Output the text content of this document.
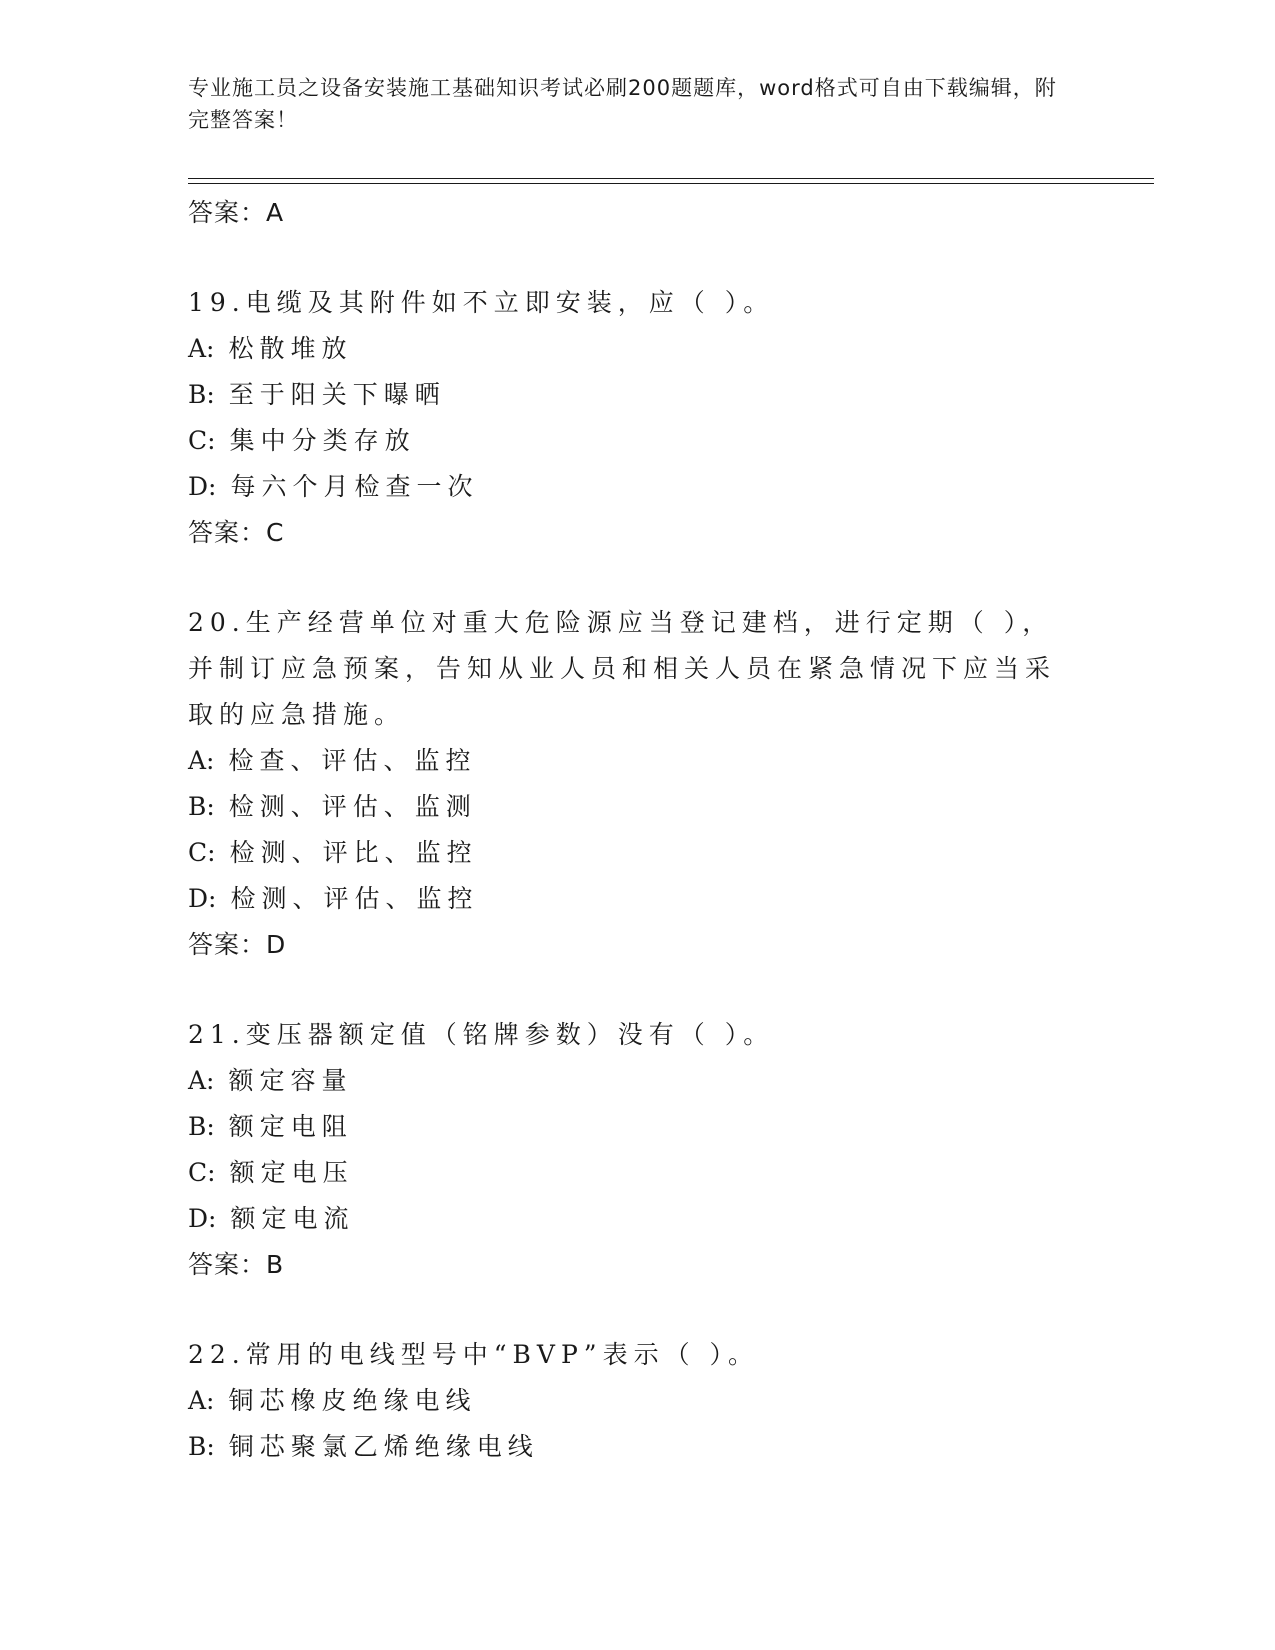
专业施工员之设备安装施工基础知识考试必刷200题题库，word格式可自由下载编辑，附完整答案！
答案：A
19.电缆及其附件如不立即安装，应（ ）。
A: 松散堆放
B: 至于阳关下曝晒
C: 集中分类存放
D: 每六个月检查一次
答案：C
20.生产经营单位对重大危险源应当登记建档，进行定期（ ），并制订应急预案，告知从业人员和相关人员在紧急情况下应当采取的应急措施。
A: 检查、评估、监控
B: 检测、评估、监测
C: 检测、评比、监控
D: 检测、评估、监控
答案：D
21.变压器额定值（铭牌参数）没有（ ）。
A: 额定容量
B: 额定电阻
C: 额定电压
D: 额定电流
答案：B
22.常用的电线型号中“BVP”表示（ ）。
A: 铜芯橡皮绝缘电线
B: 铜芯聚氯乙烯绝缘电线
